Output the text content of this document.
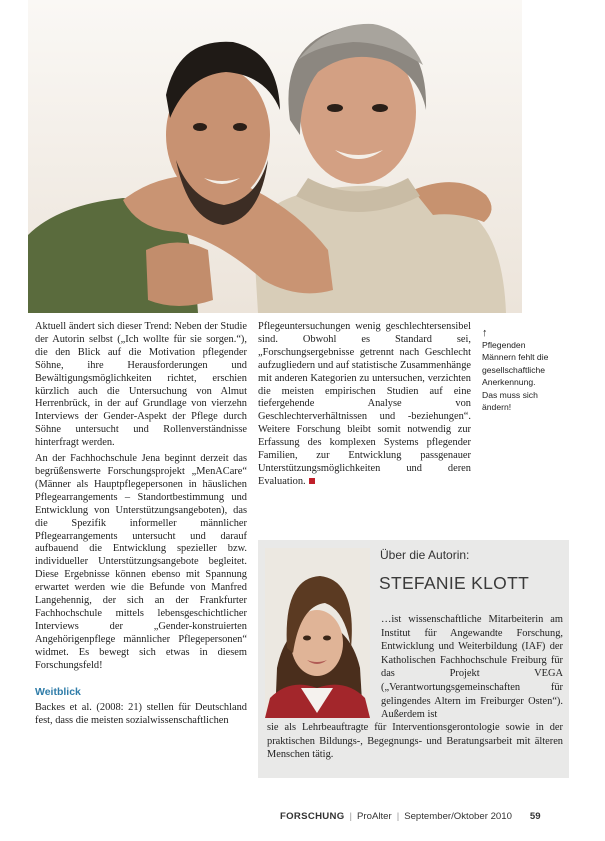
Aktuell ändert sich dieser Trend: Neben der Studie der Autorin selbst („Ich wollte für sie sorgen.“), die den Blick auf die Motivation pflegender Söhne, ihre Herausforderungen und Bewältigungsmöglichkeiten richtet, erschien kürzlich auch die Untersuchung von Almut Herrenbrück, in der auf Grundlage von vierzehn Interviews der Gender-Aspekt der Pflege durch Söhne untersucht und Rollenverständnisse hinterfragt werden.

An der Fachhochschule Jena beginnt derzeit das begrüßenswerte Forschungsprojekt „MenACare“ (Männer als Hauptpflegepersonen in häuslichen Pflegearrangements – Standortbestimmung und Entwicklung von Unterstützungsangeboten), das die Spezifik informeller männlicher Pflegearrangements untersucht und darauf aufbauend die Entwicklung spezieller bzw. individueller Unterstützungsangebote begleitet. Diese Ergebnisse können ebenso mit Spannung erwartet werden wie die Befunde von Manfred Langehennig, der sich an der Frankfurter Fachhochschule mittels lebensgeschichtlicher Interviews der „Gender-konstruierten Angehörigenpflege männlicher Pflegepersonen“ widmet. Es bewegt sich etwas in diesem Forschungsfeld!

Weitblick

Backes et al. (2008: 21) stellen für Deutschland fest, dass die meisten sozialwissenschaftlichen

Pflegeuntersuchungen wenig geschlechtersensibel sind. Obwohl es Standard sei, „Forschungsergebnisse getrennt nach Geschlecht aufzugliedern und auf statistische Zusammenhänge mit anderen Kategorien zu untersuchen, verzichten die meisten empirischen Studien auf eine tiefergehende Analyse von Geschlechterverhältnissen und -beziehungen“. Weitere Forschung bleibt somit notwendig zur Erfassung des komplexen Systems pflegender Familien, zur Entwicklung passgenauer Unterstützungsmöglichkeiten und deren Evaluation.

↑
Pflegenden Männern fehlt die gesellschaftliche Anerkennung. Das muss sich ändern!
Über die Autorin:
STEFANIE KLOTT
…ist wissenschaftliche Mitarbeiterin am Institut für Angewandte Forschung, Entwicklung und Weiterbildung (IAF) der Katholischen Fachhochschule Freiburg für das Projekt VEGA („Verantwortungsgemeinschaften für gelingendes Altern im Freiburger Osten“). Außerdem ist
sie als Lehrbeauftragte für Interventionsgerontologie sowie in der praktischen Bildungs-, Begegnungs- und Beratungsarbeit mit älteren Menschen tätig.
FORSCHUNG | ProAlter | September/Oktober 2010 59
